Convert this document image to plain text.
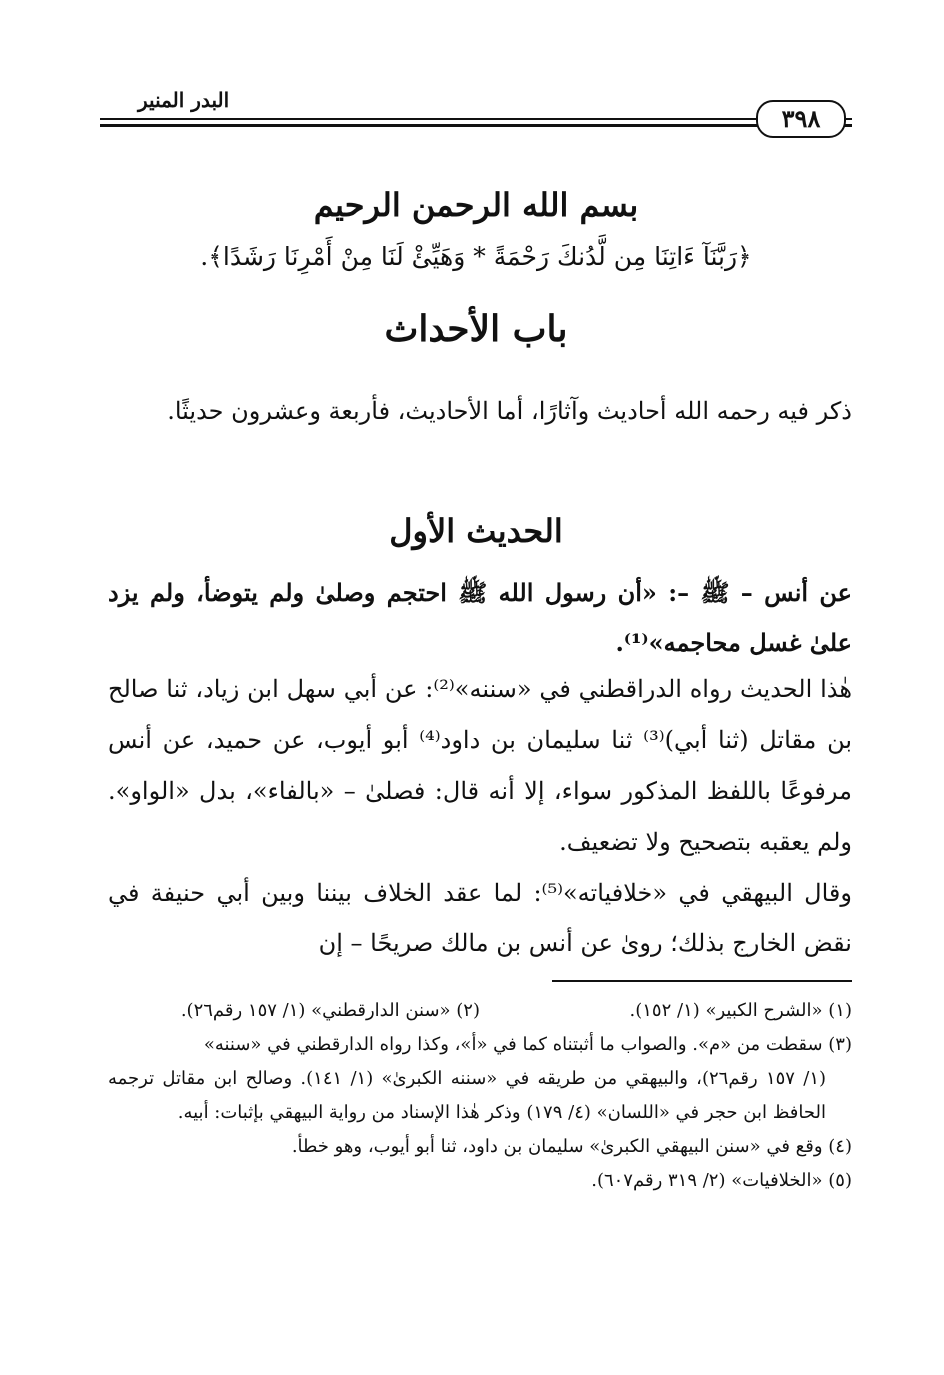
البدر المنير
٣٩٨
بسم الله الرحمن الرحيم
﴿رَبَّنَآ ءَاتِنَا مِن لَّدُنكَ رَحْمَةً * وَهَيِّئْ لَنَا مِنْ أَمْرِنَا رَشَدًا﴾.
باب الأحداث
ذكر فيه رحمه الله أحاديث وآثارًا، أما الأحاديث، فأربعة وعشرون حديثًا.
الحديث الأول
عن أنس – ﷺ –: «أن رسول الله ﷺ احتجم وصلىٰ ولم يتوضأ، ولم يزد علىٰ غسل محاجمه»⁽¹⁾.
هٰذا الحديث رواه الدراقطني في «سننه»⁽²⁾: عن أبي سهل ابن زياد، ثنا صالح بن مقاتل (ثنا أبي)⁽³⁾ ثنا سليمان بن داود⁽⁴⁾ أبو أيوب، عن حميد، عن أنس مرفوعًا باللفظ المذكور سواء، إلا أنه قال: فصلىٰ – «بالفاء»، بدل «الواو». ولم يعقبه بتصحيح ولا تضعيف.
وقال البيهقي في «خلافياته»⁽⁵⁾: لما عقد الخلاف بيننا وبين أبي حنيفة في نقض الخارج بذلك؛ روىٰ عن أنس بن مالك صريحًا – إن
(١) «الشرح الكبير» (١/ ١٥٢).
(٢) «سنن الدارقطني» (١/ ١٥٧ رقم٢٦).
(٣) سقطت من «م». والصواب ما أثبتناه كما في «أ»، وكذا رواه الدارقطني في «سننه»
(١/ ١٥٧ رقم٢٦)، والبيهقي من طريقه في «سننه الكبرىٰ» (١/ ١٤١). وصالح ابن مقاتل ترجمه الحافظ ابن حجر في «اللسان» (٤/ ١٧٩) وذكر هٰذا الإسناد من رواية البيهقي بإثبات: أبيه.
(٤) وقع في «سنن البيهقي الكبرىٰ» سليمان بن داود، ثنا أبو أيوب، وهو خطأ.
(٥) «الخلافيات» (٢/ ٣١٩ رقم٦٠٧).
